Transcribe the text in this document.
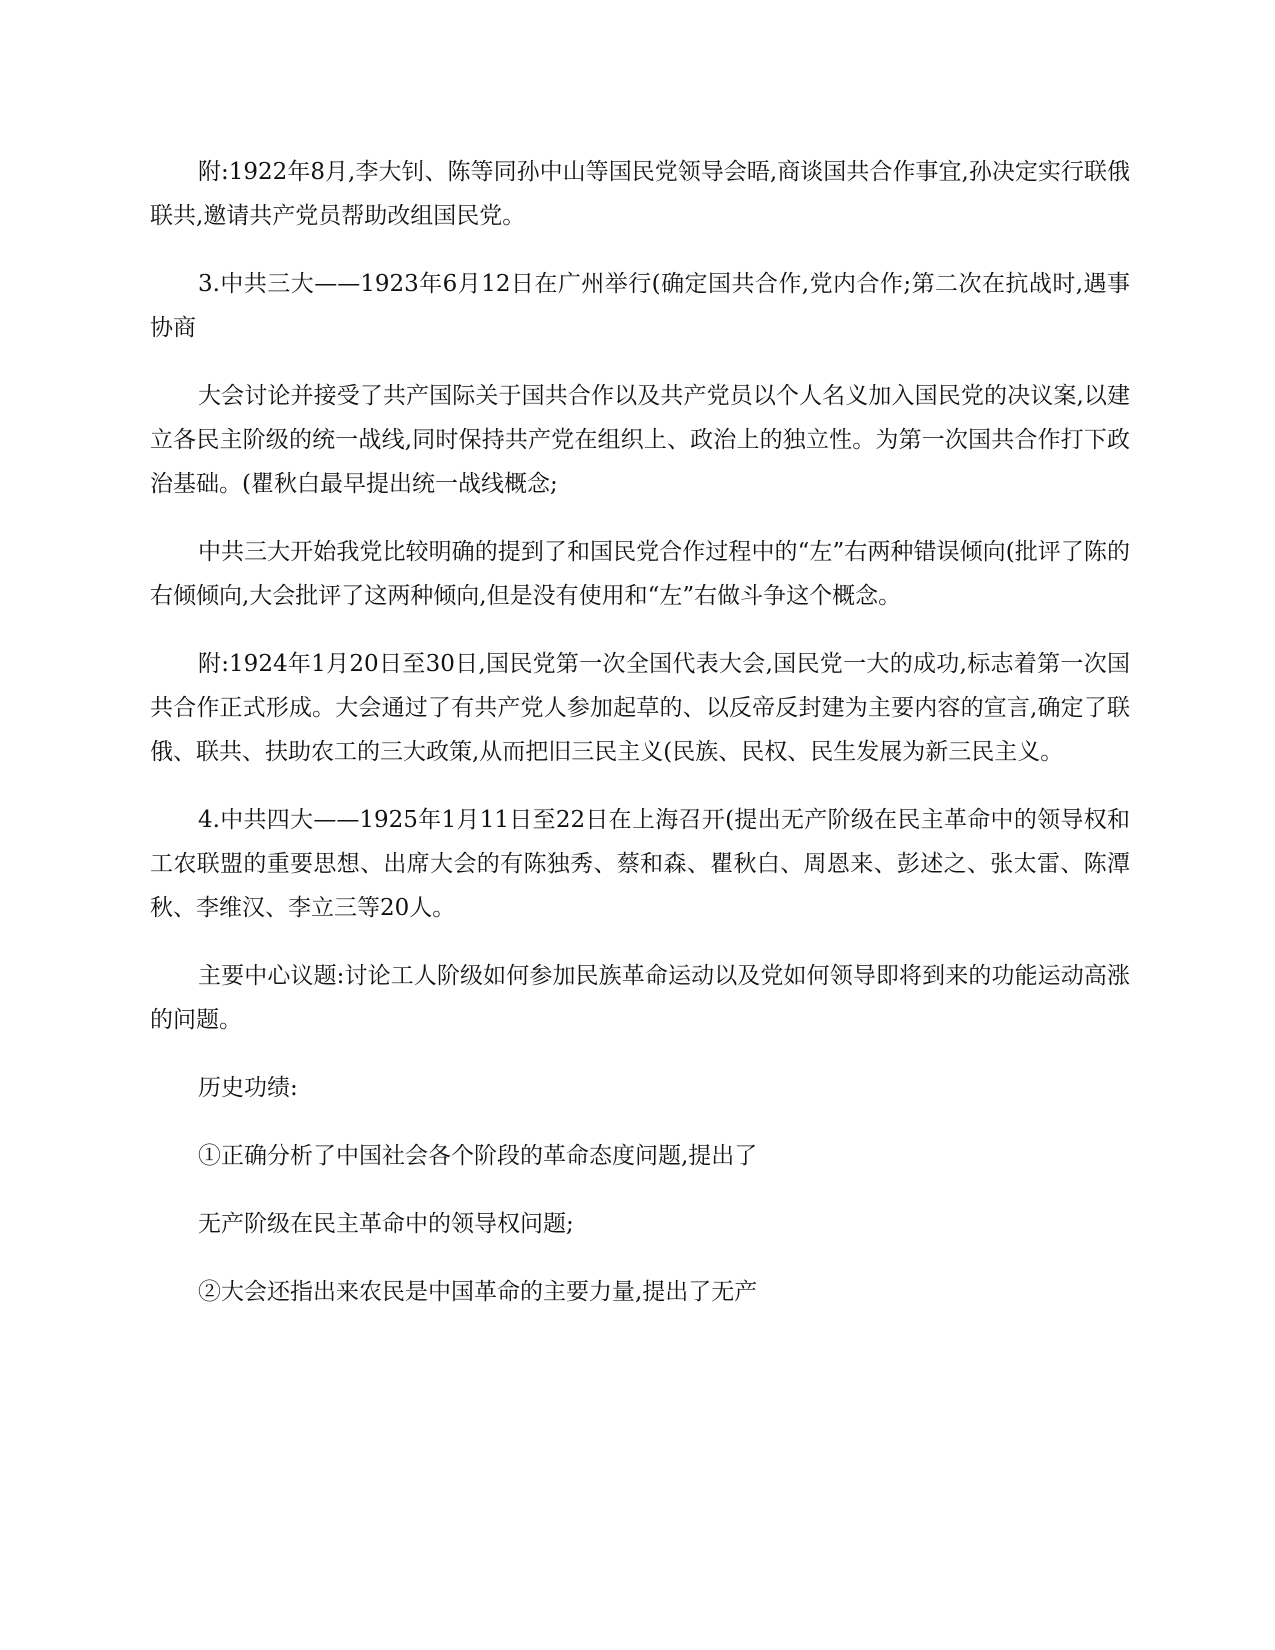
附:1922年8月,李大钊、陈等同孙中山等国民党领导会晤,商谈国共合作事宜,孙决定实行联俄联共,邀请共产党员帮助改组国民党。

3.中共三大——1923年6月12日在广州举行(确定国共合作,党内合作;第二次在抗战时,遇事协商

大会讨论并接受了共产国际关于国共合作以及共产党员以个人名义加入国民党的决议案,以建立各民主阶级的统一战线,同时保持共产党在组织上、政治上的独立性。为第一次国共合作打下政治基础。(瞿秋白最早提出统一战线概念;

中共三大开始我党比较明确的提到了和国民党合作过程中的“左”右两种错误倾向(批评了陈的右倾倾向,大会批评了这两种倾向,但是没有使用和“左”右做斗争这个概念。

附:1924年1月20日至30日,国民党第一次全国代表大会,国民党一大的成功,标志着第一次国共合作正式形成。大会通过了有共产党人参加起草的、以反帝反封建为主要内容的宣言,确定了联俄、联共、扶助农工的三大政策,从而把旧三民主义(民族、民权、民生发展为新三民主义。

4.中共四大——1925年1月11日至22日在上海召开(提出无产阶级在民主革命中的领导权和工农联盟的重要思想、出席大会的有陈独秀、蔡和森、瞿秋白、周恩来、彭述之、张太雷、陈潭秋、李维汉、李立三等20人。

主要中心议题:讨论工人阶级如何参加民族革命运动以及党如何领导即将到来的功能运动高涨的问题。

历史功绩:

①正确分析了中国社会各个阶段的革命态度问题,提出了

无产阶级在民主革命中的领导权问题;

②大会还指出来农民是中国革命的主要力量,提出了无产
